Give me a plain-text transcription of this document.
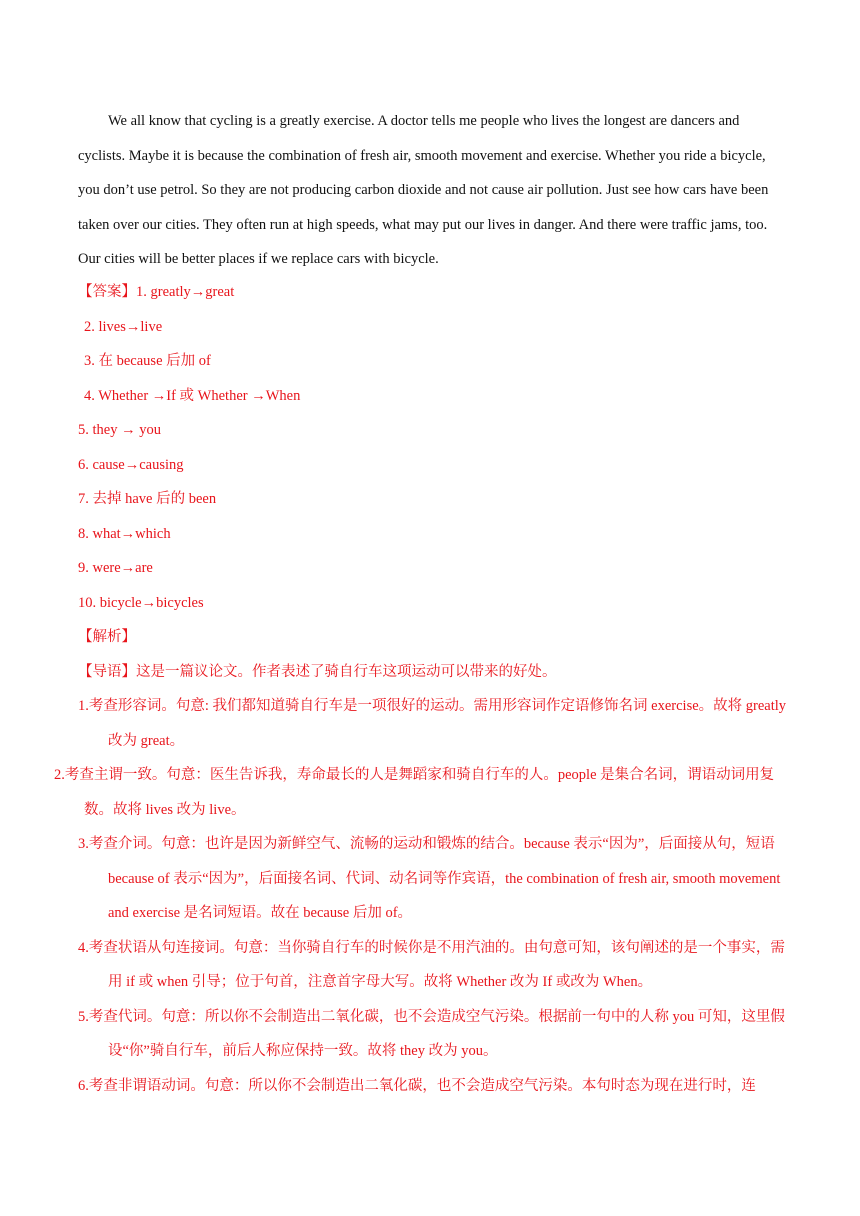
We all know that cycling is a greatly exercise. A doctor tells me people who lives the longest are dancers and cyclists. Maybe it is because the combination of fresh air, smooth movement and exercise. Whether you ride a bicycle, you don’t use petrol. So they are not producing carbon dioxide and not cause air pollution. Just see how cars have been taken over our cities. They often run at high speeds, what may put our lives in danger. And there were traffic jams, too. Our cities will be better places if we replace cars with bicycle.
【答案】1. greatly→great
2. lives→live
3. 在 because 后加 of
4. Whether →If 或 Whether →When
5. they → you
6. cause→causing
7. 去掉 have 后的 been
8. what→which
9. were→are
10. bicycle→bicycles
【解析】
【导语】这是一篇议论文。作者表述了骑自行车这项运动可以带来的好处。
1.考查形容词。句意: 我们都知道骑自行车是一项很好的运动。需用形容词作定语修饰名词 exercise。故将 greatly 改为 great。
2.考查主谓一致。句意：医生告诉我，寿命最长的人是舞蹈家和骑自行车的人。people 是集合名词，谓语动词用复数。故将 lives 改为 live。
3.考查介词。句意：也许是因为新鲜空气、流畅的运动和锻炼的结合。because 表示“因为”，后面接从句，短语 because of 表示“因为”，后面接名词、代词、动名词等作宾语，the combination of fresh air, smooth movement and exercise 是名词短语。故在 because 后加 of。
4.考查状语从句连接词。句意：当你骑自行车的时候你是不用汽油的。由句意可知，该句阐述的是一个事实，需用 if 或 when 引导；位于句首，注意首字母大写。故将 Whether 改为 If 或改为 When。
5.考查代词。句意：所以你不会制造出二氧化碳，也不会造成空气污染。根据前一句中的人称 you 可知，这里假设“你”骑自行车，前后人称应保持一致。故将 they 改为 you。
6.考查非谓语动词。句意：所以你不会制造出二氧化碳，也不会造成空气污染。本句时态为现在进行时，连
